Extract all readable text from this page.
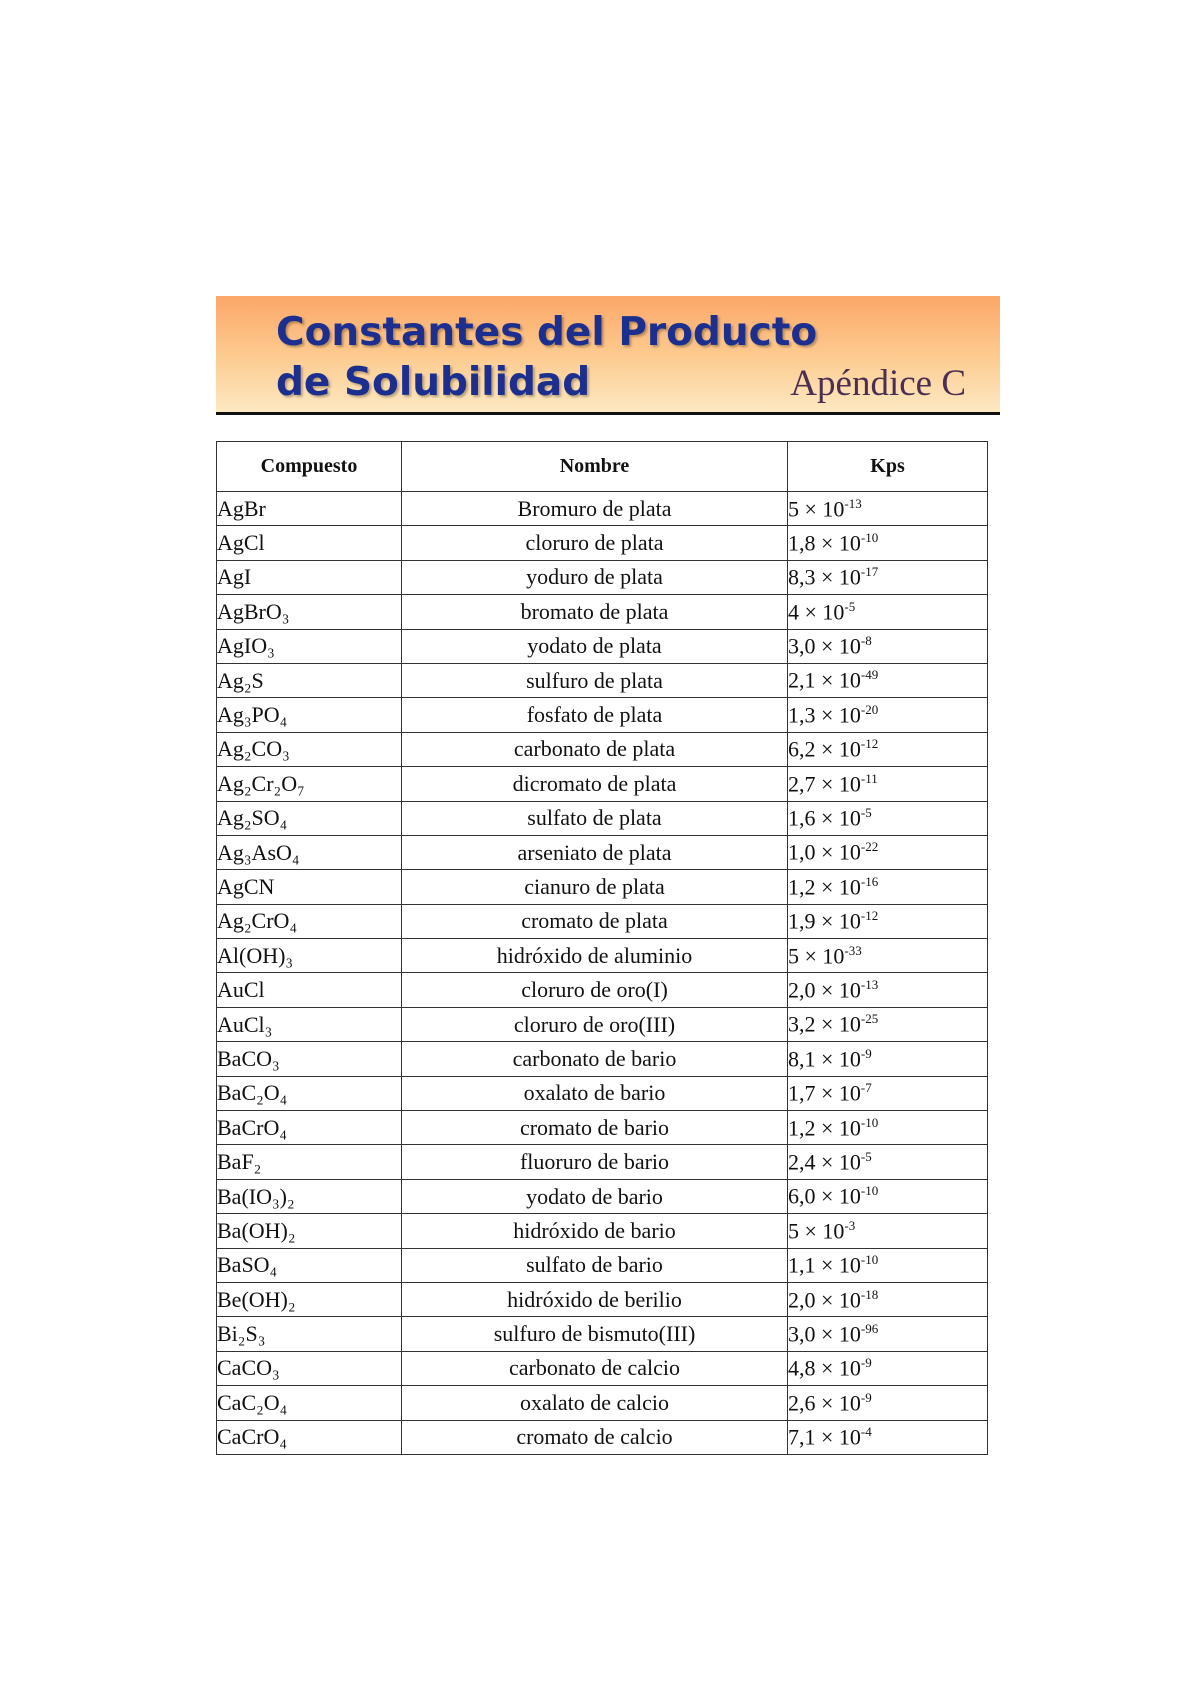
Constantes del Producto
de Solubilidad	Apéndice C
Compuesto	Nombre	Kps
AgBr	Bromuro de plata	$5 \times 10^{-13}$
AgCl	cloruro de plata	$1,8 \times 10^{-10}$
AgI	yoduro de plata	$8,3 \times 10^{-17}$
AgBrO₃	bromato de plata	$4 \times 10^{-5}$
AgIO₃	yodato de plata	$3,0 \times 10^{-8}$
Ag₂S	sulfuro de plata	$2,1 \times 10^{-49}$
Ag₃PO₄	fosfato de plata	$1,3 \times 10^{-20}$
Ag₂CO₃	carbonato de plata	$6,2 \times 10^{-12}$
Ag₂Cr₂O₇	dicromato de plata	$2,7 \times 10^{-11}$
Ag₂SO₄	sulfato de plata	$1,6 \times 10^{-5}$
Ag₃AsO₄	arseniato de plata	$1,0 \times 10^{-22}$
AgCN	cianuro de plata	$1,2 \times 10^{-16}$
Ag₂CrO₄	cromato de plata	$1,9 \times 10^{-12}$
Al(OH)₃	hidróxido de aluminio	$5 \times 10^{-33}$
AuCl	cloruro de oro(I)	$2,0 \times 10^{-13}$
AuCl₃	cloruro de oro(III)	$3,2 \times 10^{-25}$
BaCO₃	carbonato de bario	$8,1 \times 10^{-9}$
BaC₂O₄	oxalato de bario	$1,7 \times 10^{-7}$
BaCrO₄	cromato de bario	$1,2 \times 10^{-10}$
BaF₂	fluoruro de bario	$2,4 \times 10^{-5}$
Ba(IO₃)₂	yodato de bario	$6,0 \times 10^{-10}$
Ba(OH)₂	hidróxido de bario	$5 \times 10^{-3}$
BaSO₄	sulfato de bario	$1,1 \times 10^{-10}$
Be(OH)₂	hidróxido de berilio	$2,0 \times 10^{-18}$
Bi₂S₃	sulfuro de bismuto(III)	$3,0 \times 10^{-96}$
CaCO₃	carbonato de calcio	$4,8 \times 10^{-9}$
CaC₂O₄	oxalato de calcio	$2,6 \times 10^{-9}$
CaCrO₄	cromato de calcio	$7,1 \times 10^{-4}$
